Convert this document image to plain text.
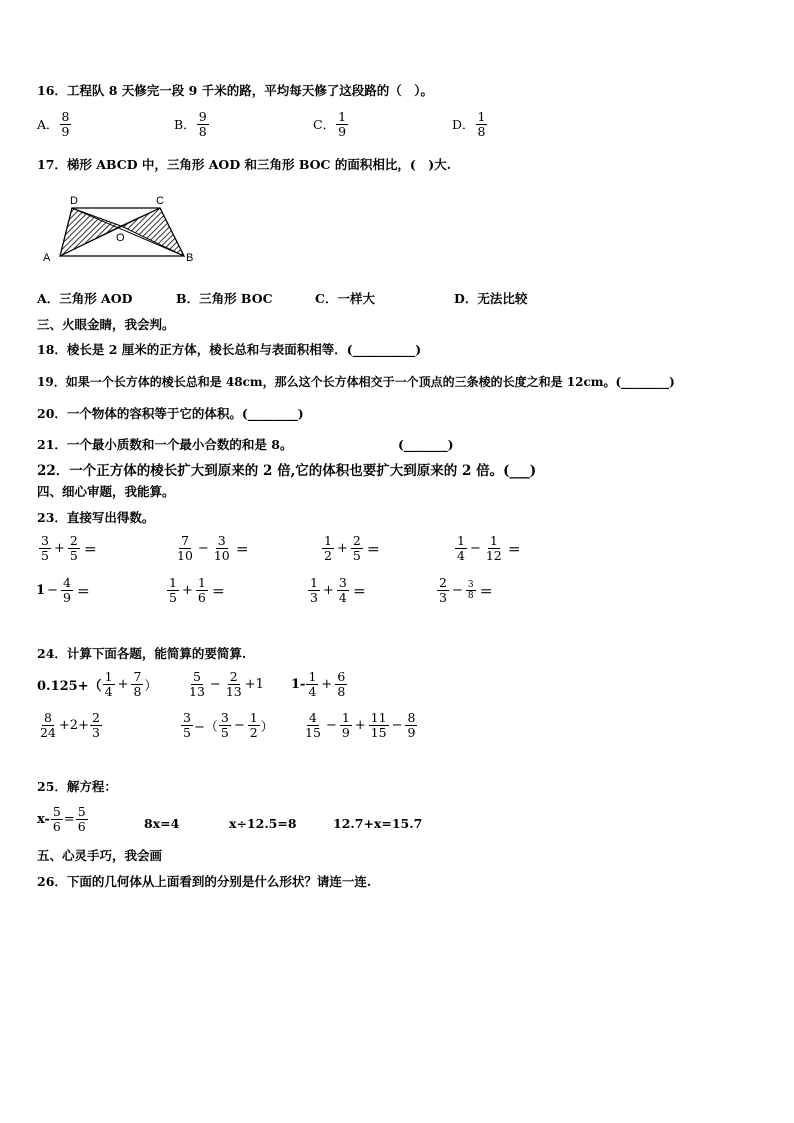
16．工程队 8 天修完一段 9 千米的路，平均每天修了这段路的（　）。
A． $\frac{8}{9}$	B． $\frac{9}{8}$	C． $\frac{1}{9}$	D． $\frac{1}{8}$
17．梯形 ABCD 中，三角形 AOD 和三角形 BOC 的面积相比，(　)大.
A
D	C
B
O
A．三角形 AOD	B．三角形 BOC	C．一样大	D．无法比较
三、火眼金睛，我会判。
18．棱长是 2 厘米的正方体，棱长总和与表面积相等．(__________)
19．如果一个长方体的棱长总和是 48cm，那么这个长方体相交于一个顶点的三条棱的长度之和是 12cm。(________)
20．一个物体的容积等于它的体积。(________)
21．一个最小质数和一个最小合数的和是 8。	(_______)
22．一个正方体的棱长扩大到原来的 2 倍,它的体积也要扩大到原来的 2 倍。(___)
四、细心审题，我能算。
23．直接写出得数。
$\frac{3}{5} + \frac{2}{5}$ ＝	$\frac{7}{10} - \frac{3}{10}$ ＝	$\frac{1}{2} + \frac{2}{5}$ ＝	$\frac{1}{4} - \frac{1}{12}$ ＝
$1 - \frac{4}{9}$ ＝	$\frac{1}{5} + \frac{1}{6}$ ＝	$\frac{1}{3} + \frac{3}{4}$ ＝	$\frac{2}{3} - \frac{3}{8}$ ＝
24．计算下面各题，能简算的要简算.
$0.125+( \frac{1}{4} + \frac{7}{8}$ ） $\frac{5}{13} - \frac{2}{13} +1$ $1- \frac{1}{4} + \frac{6}{8}$
$\frac{8}{24} +2+ \frac{2}{3}$	$\frac{3}{5}$ −（ $\frac{3}{5} - \frac{1}{2}$ ） $\frac{4}{15} - \frac{1}{9} + \frac{11}{15} - \frac{8}{9}$
25．解方程：
$x- \frac{5}{6} = \frac{5}{6}$	8x=4	x÷12.5=8	12.7+x=15.7
五、心灵手巧，我会画
26．下面的几何体从上面看到的分别是什么形状？请连一连.
